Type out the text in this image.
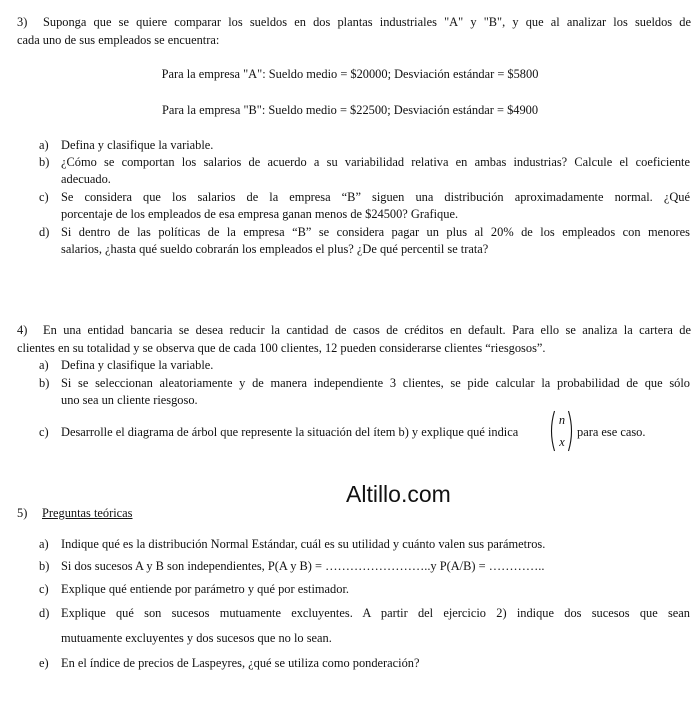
3) Suponga que se quiere comparar los sueldos en dos plantas industriales "A" y "B", y que al analizar los sueldos de
cada uno de sus empleados se encuentra:
Para la empresa "A": Sueldo medio = $20000; Desviación estándar = $5800
Para la empresa "B": Sueldo medio = $22500; Desviación estándar = $4900
a) Defina y clasifique la variable.
b) ¿Cómo se comportan los salarios de acuerdo a su variabilidad relativa en ambas industrias? Calcule el coeficiente
adecuado.
c) Se considera que los salarios de la empresa “B” siguen una distribución aproximadamente normal. ¿Qué
porcentaje de los empleados de esa empresa ganan menos de $24500? Grafique.
d) Si dentro de las políticas de la empresa “B” se considera pagar un plus al 20% de los empleados con menores
salarios, ¿hasta qué sueldo cobrarán los empleados el plus? ¿De qué percentil se trata?
4) En una entidad bancaria se desea reducir la cantidad de casos de créditos en default. Para ello se analiza la cartera de
clientes en su totalidad y se observa que de cada 100 clientes, 12 pueden considerarse clientes “riesgosos”.
a) Defina y clasifique la variable.
b) Si se seleccionan aleatoriamente y de manera independiente 3 clientes, se pide calcular la probabilidad de que sólo
uno sea un cliente riesgoso.
c) Desarrolle el diagrama de árbol que represente la situación del ítem b) y explique qué indica
n
x
para ese caso.
Altillo.com
5) Preguntas teóricas
a) Indique qué es la distribución Normal Estándar, cuál es su utilidad y cuánto valen sus parámetros.
b) Si dos sucesos A y B son independientes, P(A y B) = ……………………..y P(A/B) = …………..
c) Explique qué entiende por parámetro y qué por estimador.
d) Explique qué son sucesos mutuamente excluyentes. A partir del ejercicio 2) indique dos sucesos que sean
mutuamente excluyentes y dos sucesos que no lo sean.
e) En el índice de precios de Laspeyres, ¿qué se utiliza como ponderación?
